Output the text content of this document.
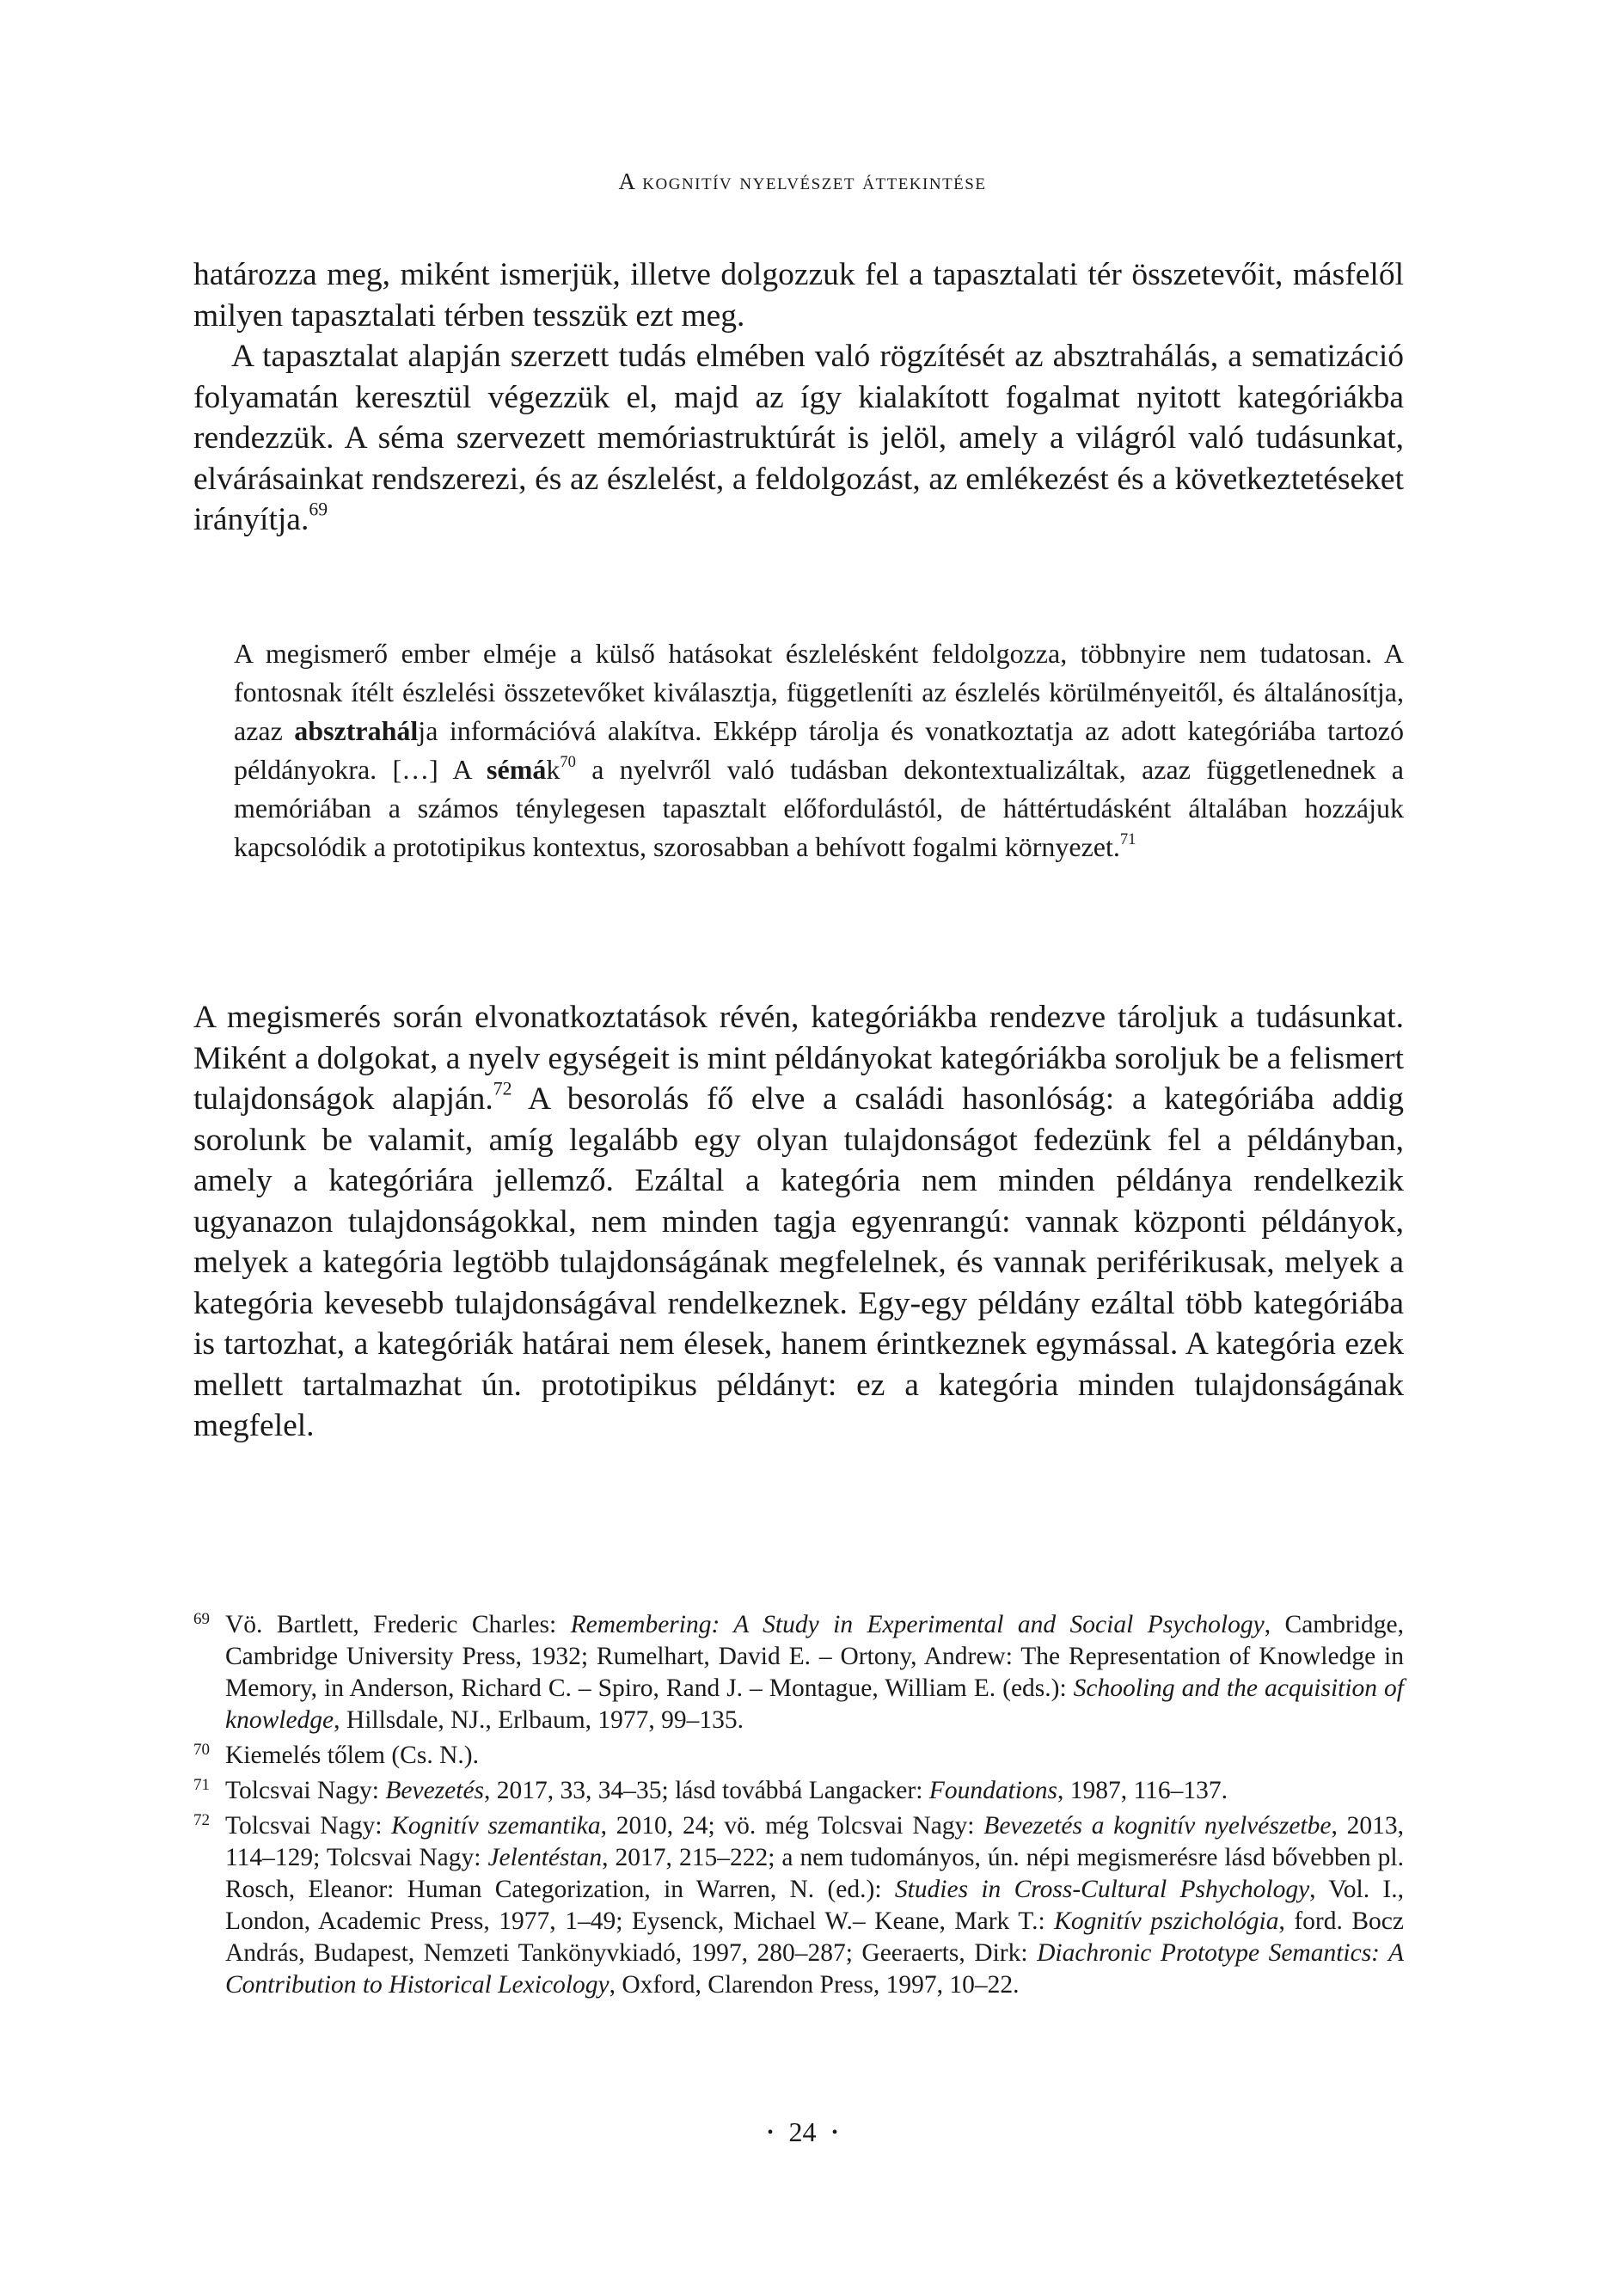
A kognitív nyelvészet áttekintése

határozza meg, miként ismerjük, illetve dolgozzuk fel a tapasztalati tér összetevőit, másfelől milyen tapasztalati térben tesszük ezt meg.

A tapasztalat alapján szerzett tudás elmében való rögzítését az absztrahálás, a sematizáció folyamatán keresztül végezzük el, majd az így kialakított fogalmat nyitott kategóriákba rendezzük. A séma szervezett memóriastruktúrát is jelöl, amely a világról való tudásunkat, elvárásainkat rendszerezi, és az észlelést, a feldolgozást, az emlékezést és a következtetéseket irányítja.$^{69}$

A megismerő ember elméje a külső hatásokat észlelésként feldolgozza, többnyire nem tudatosan. A fontosnak ítélt észlelési összetevőket kiválasztja, függetleníti az észlelés körülményeitől, és általánosítja, azaz absztrahálja információvá alakítva. Ekképp tárolja és vonatkoztatja az adott kategóriába tartozó példányokra. […] A sémák$^{70}$ a nyelvről való tudásban dekontextualizáltak, azaz függetlenednek a memóriában a számos ténylegesen tapasztalt előfordulástól, de háttértudásként általában hozzájuk kapcsolódik a prototipikus kontextus, szorosabban a behívott fogalmi környezet.$^{71}$

A megismerés során elvonatkoztatások révén, kategóriákba rendezve tároljuk a tudásunkat. Miként a dolgokat, a nyelv egységeit is mint példányokat kategóriákba soroljuk be a felismert tulajdonságok alapján.$^{72}$ A besorolás fő elve a családi hasonlóság: a kategóriába addig sorolunk be valamit, amíg legalább egy olyan tulajdonságot fedezünk fel a példányban, amely a kategóriára jellemző. Ezáltal a kategória nem minden példánya rendelkezik ugyanazon tulajdonságokkal, nem minden tagja egyenrangú: vannak központi példányok, melyek a kategória legtöbb tulajdonságának megfelelnek, és vannak periférikusak, melyek a kategória kevesebb tulajdonságával rendelkeznek. Egy-egy példány ezáltal több kategóriába is tartozhat, a kategóriák határai nem élesek, hanem érintkeznek egymással. A kategória ezek mellett tartalmazhat ún. prototipikus példányt: ez a kategória minden tulajdonságának megfelel.

69 Vö. Bartlett, Frederic Charles: Remembering: A Study in Experimental and Social Psychology, Cambridge, Cambridge University Press, 1932; Rumelhart, David E. – Ortony, Andrew: The Representation of Knowledge in Memory, in Anderson, Richard C. – Spiro, Rand J. – Montague, William E. (eds.): Schooling and the acquisition of knowledge, Hillsdale, NJ., Erlbaum, 1977, 99–135.
70 Kiemelés tőlem (Cs. N.).
71 Tolcsvai Nagy: Bevezetés, 2017, 33, 34–35; lásd továbbá Langacker: Foundations, 1987, 116–137.
72 Tolcsvai Nagy: Kognitív szemantika, 2010, 24; vö. még Tolcsvai Nagy: Bevezetés a kognitív nyelvészetbe, 2013, 114–129; Tolcsvai Nagy: Jelentéstan, 2017, 215–222; a nem tudományos, ún. népi megismerésre lásd bővebben pl. Rosch, Eleanor: Human Categorization, in Warren, N. (ed.): Studies in Cross-Cultural Pshychology, Vol. I., London, Academic Press, 1977, 1–49; Eysenck, Michael W.– Keane, Mark T.: Kognitív pszichológia, ford. Bocz András, Budapest, Nemzeti Tankönyvkiadó, 1997, 280–287; Geeraerts, Dirk: Diachronic Prototype Semantics: A Contribution to Historical Lexicology, Oxford, Clarendon Press, 1997, 10–22.
• 24 •
